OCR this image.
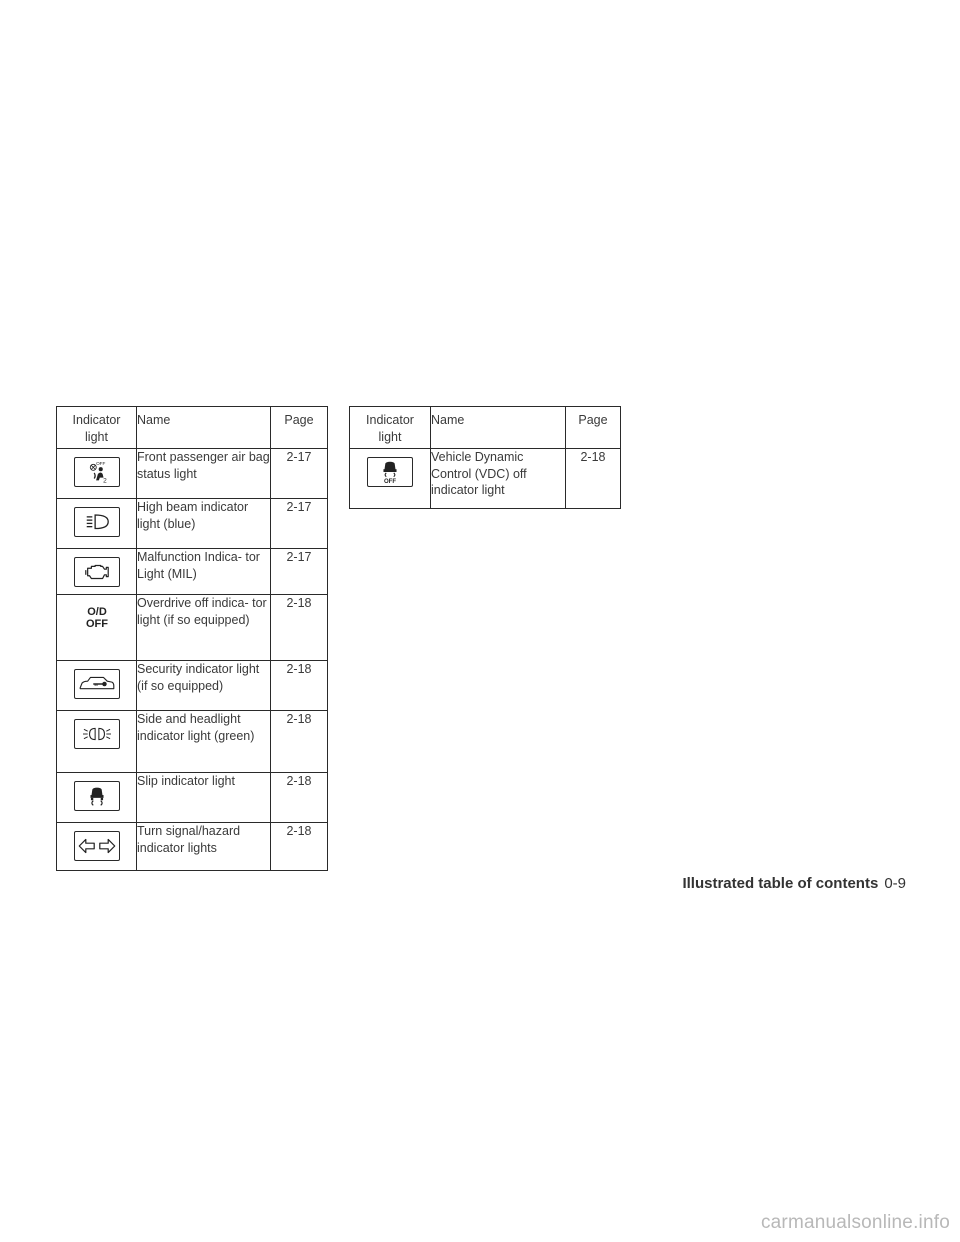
Indicator
light	Name	Page

OFF
2	Front passenger air bag status light	2-17

	High beam indicator light (blue)	2-17

	Malfunction Indica- tor Light (MIL)	2-17

O/D
OFF	Overdrive off indica- tor light (if so equipped)	2-18

	Security indicator light (if so equipped)	2-18

	Side and headlight indicator light (green)	2-18

	Slip indicator light	2-18

	Turn signal/hazard indicator lights	2-18
Indicator
light	Name	Page

OFF	Vehicle Dynamic Control (VDC) off indicator light	2-18
Illustrated table of contents 0-9
carmanualsonline.info
